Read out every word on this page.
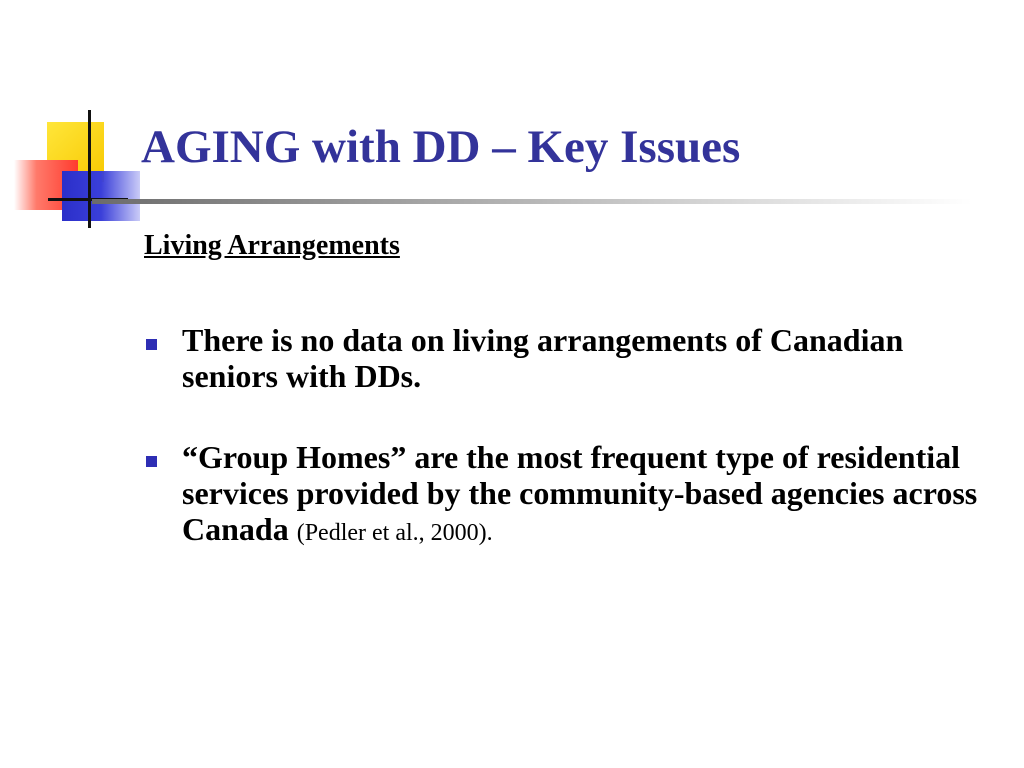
AGING with DD – Key Issues
Living Arrangements
There is no data on living arrangements of Canadian seniors with DDs.
“Group Homes” are the most frequent type of residential services provided by the community-based agencies across Canada (Pedler et al., 2000).
